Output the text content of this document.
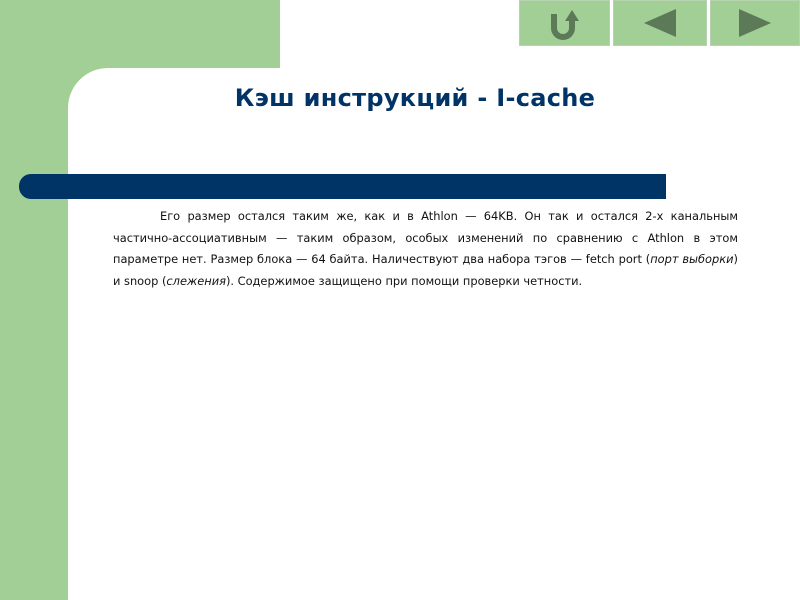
Кэш инструкций - I-cache

Его размер остался таким же, как и в Athlon — 64KB. Он так и остался 2-х канальным частично-ассоциативным — таким образом, особых изменений по сравнению с Athlon в этом параметре нет. Размер блока — 64 байта. Наличествуют два набора тэгов — fetch port (порт выборки) и snoop (слежения). Содержимое защищено при помощи проверки четности.
